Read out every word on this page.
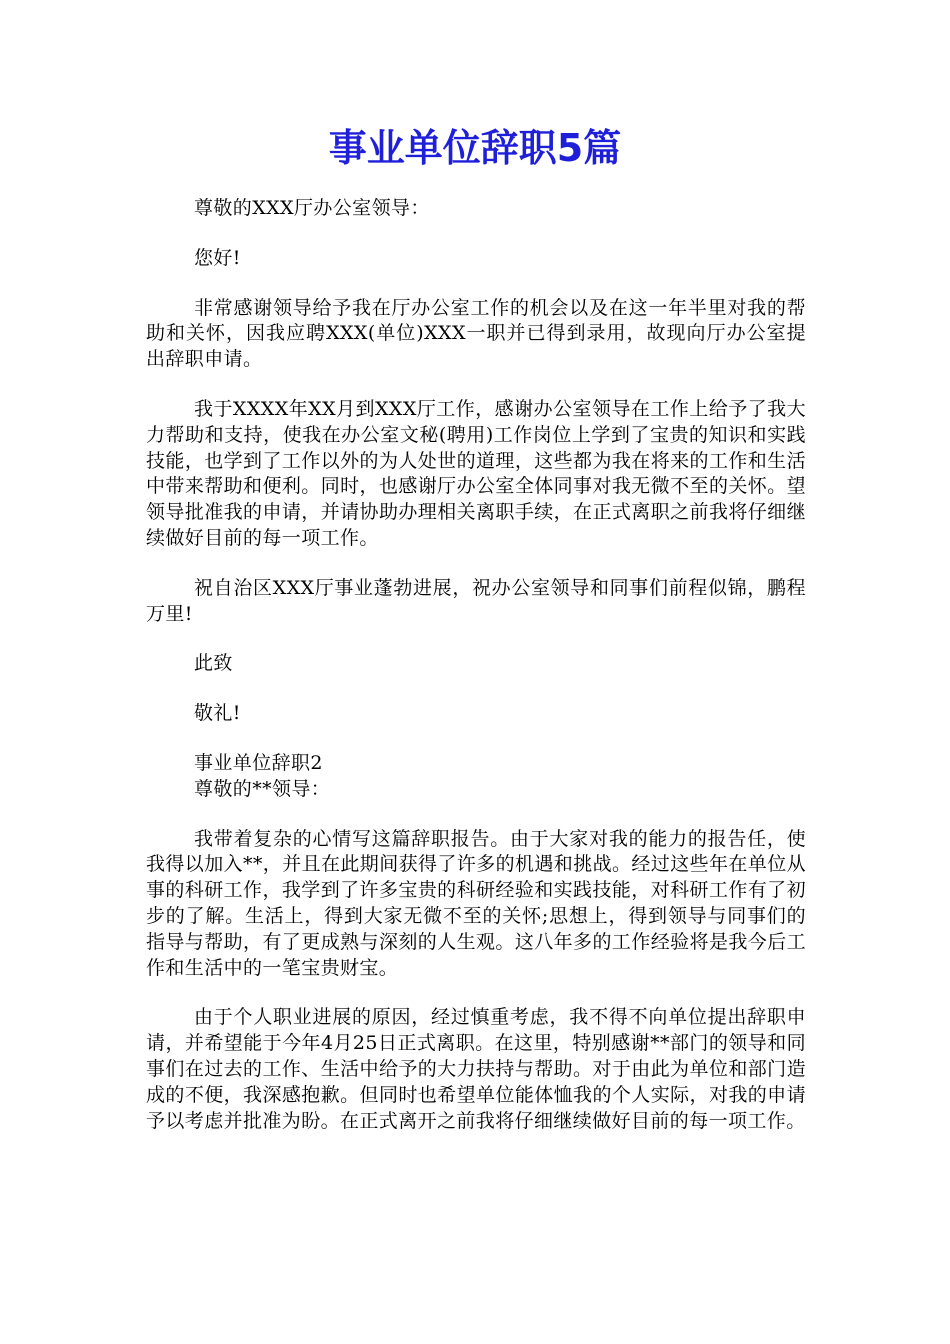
事业单位辞职5篇

尊敬的XXX厅办公室领导：

您好!

非常感谢领导给予我在厅办公室工作的机会以及在这一年半里对我的帮助和关怀，因我应聘XXX(单位)XXX一职并已得到录用，故现向厅办公室提出辞职申请。

我于XXXX年XX月到XXX厅工作，感谢办公室领导在工作上给予了我大力帮助和支持，使我在办公室文秘(聘用)工作岗位上学到了宝贵的知识和实践技能，也学到了工作以外的为人处世的道理，这些都为我在将来的工作和生活中带来帮助和便利。同时，也感谢厅办公室全体同事对我无微不至的关怀。望领导批准我的申请，并请协助办理相关离职手续，在正式离职之前我将仔细继续做好目前的每一项工作。

祝自治区XXX厅事业蓬勃进展，祝办公室领导和同事们前程似锦，鹏程万里!

此致

敬礼!

事业单位辞职2

尊敬的**领导：

我带着复杂的心情写这篇辞职报告。由于大家对我的能力的报告任，使我得以加入**，并且在此期间获得了许多的机遇和挑战。经过这些年在单位从事的科研工作，我学到了许多宝贵的科研经验和实践技能，对科研工作有了初步的了解。生活上，得到大家无微不至的关怀;思想上，得到领导与同事们的指导与帮助，有了更成熟与深刻的人生观。这八年多的工作经验将是我今后工作和生活中的一笔宝贵财宝。

由于个人职业进展的原因，经过慎重考虑，我不得不向单位提出辞职申请，并希望能于今年4月25日正式离职。在这里，特别感谢**部门的领导和同事们在过去的工作、生活中给予的大力扶持与帮助。对于由此为单位和部门造成的不便，我深感抱歉。但同时也希望单位能体恤我的个人实际，对我的申请予以考虑并批准为盼。在正式离开之前我将仔细继续做好目前的每一项工作。
